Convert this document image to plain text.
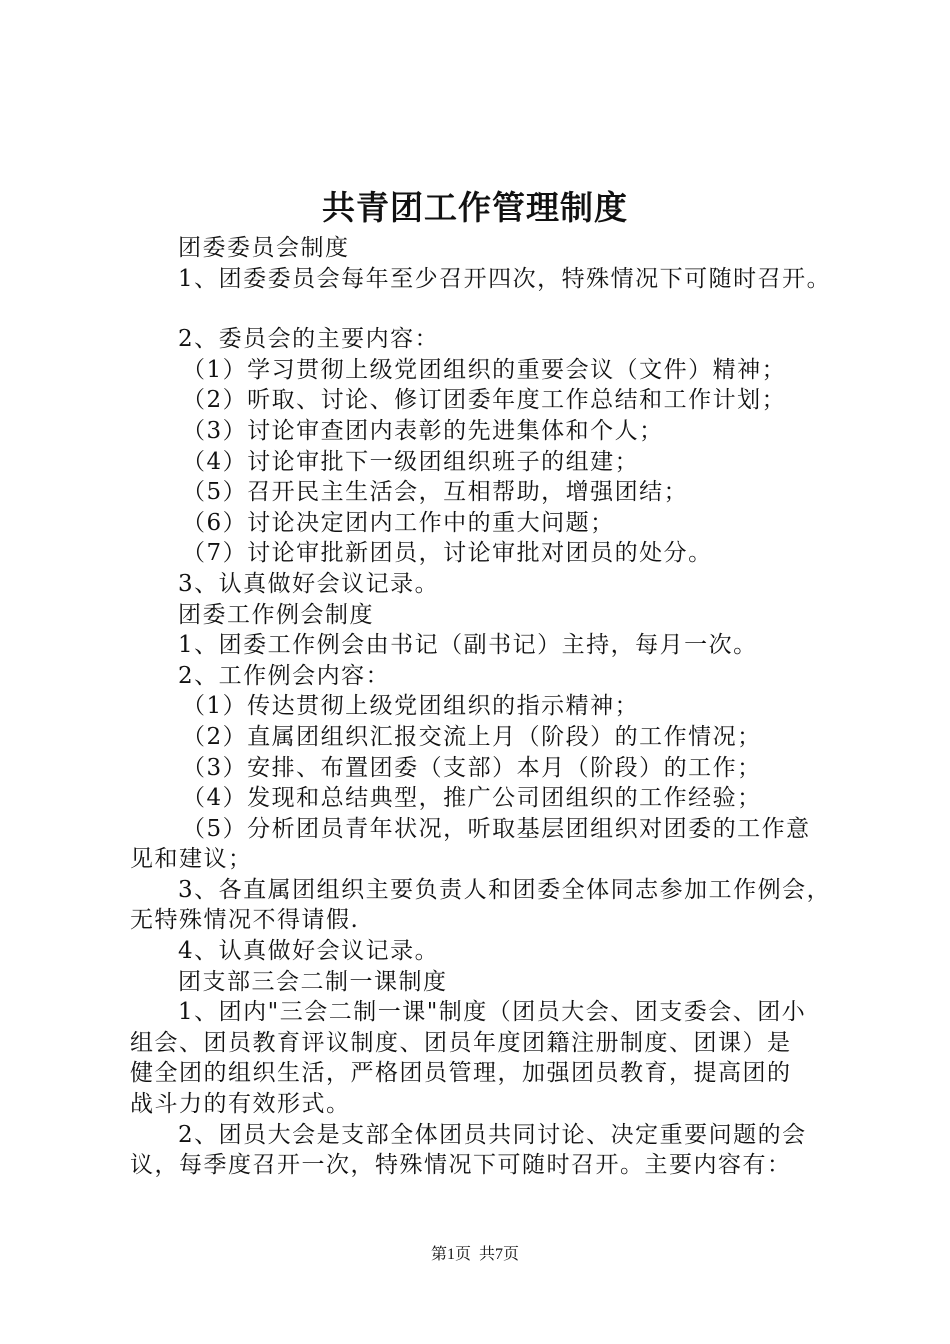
共青团工作管理制度
团委委员会制度
1、团委委员会每年至少召开四次，特殊情况下可随时召开。
2、委员会的主要内容：
（1）学习贯彻上级党团组织的重要会议（文件）精神；
（2）听取、讨论、修订团委年度工作总结和工作计划；
（3）讨论审查团内表彰的先进集体和个人；
（4）讨论审批下一级团组织班子的组建；
（5）召开民主生活会，互相帮助，增强团结；
（6）讨论决定团内工作中的重大问题；
（7）讨论审批新团员，讨论审批对团员的处分。
3、认真做好会议记录。
团委工作例会制度
1、团委工作例会由书记（副书记）主持，每月一次。
2、工作例会内容：
（1）传达贯彻上级党团组织的指示精神；
（2）直属团组织汇报交流上月（阶段）的工作情况；
（3）安排、布置团委（支部）本月（阶段）的工作；
（4）发现和总结典型，推广公司团组织的工作经验；
（5）分析团员青年状况，听取基层团组织对团委的工作意
见和建议；
3、各直属团组织主要负责人和团委全体同志参加工作例会，
无特殊情况不得请假.
4、认真做好会议记录。
团支部三会二制一课制度
1、团内"三会二制一课"制度（团员大会、团支委会、团小
组会、团员教育评议制度、团员年度团籍注册制度、团课）是
健全团的组织生活，严格团员管理，加强团员教育，提高团的
战斗力的有效形式。
2、团员大会是支部全体团员共同讨论、决定重要问题的会
议，每季度召开一次，特殊情况下可随时召开。主要内容有：
第1页 共7页
